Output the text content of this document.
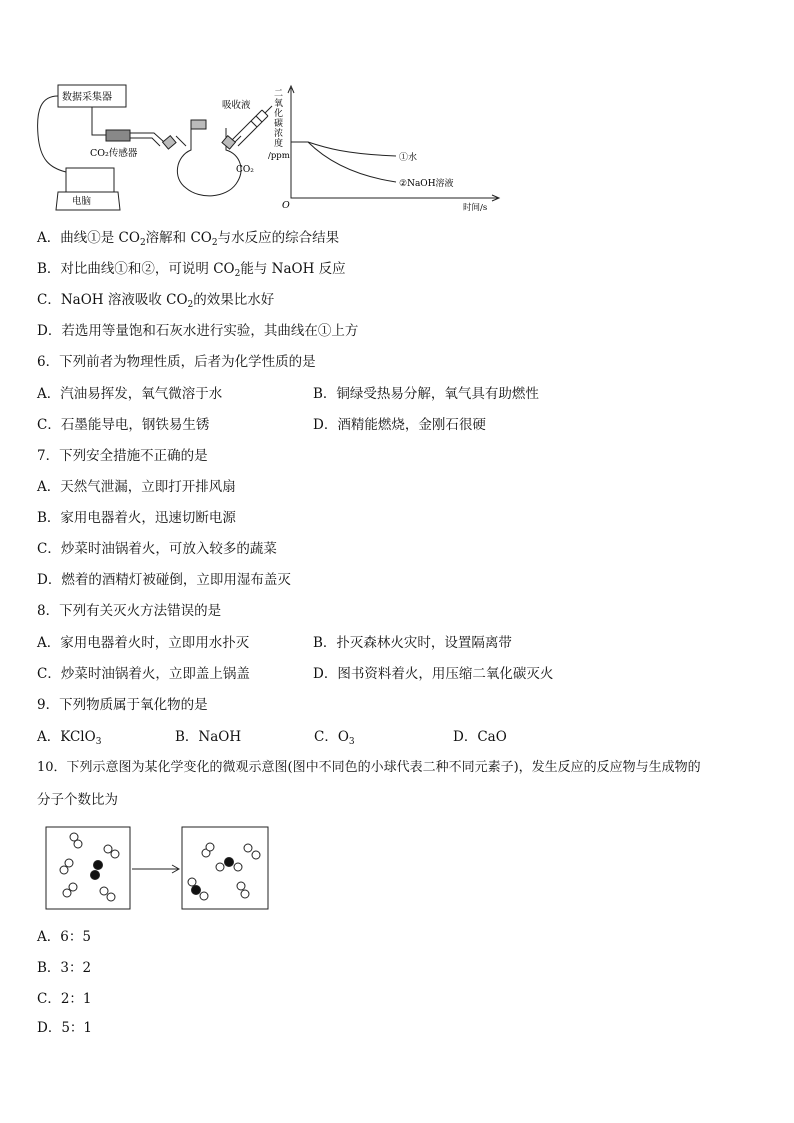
数据采集器
CO₂传感器
电脑
吸收液
CO₂
二
氧
化
碳
浓
度
/ppm
O	时间/s
①水
②NaOH溶液
A．曲线①是 $CO_2$溶解和 $CO_2$与水反应的综合结果
B．对比曲线①和②，可说明 $CO_2$能与 NaOH 反应
C．NaOH 溶液吸收 $CO_2$的效果比水好
D．若选用等量饱和石灰水进行实验，其曲线在①上方
6．下列前者为物理性质，后者为化学性质的是
A．汽油易挥发，氧气微溶于水	B．铜绿受热易分解，氧气具有助燃性
C．石墨能导电，钢铁易生锈	D．酒精能燃烧，金刚石很硬
7．下列安全措施不正确的是
A．天然气泄漏，立即打开排风扇
B．家用电器着火，迅速切断电源
C．炒菜时油锅着火，可放入较多的蔬菜
D．燃着的酒精灯被碰倒，立即用湿布盖灭
8．下列有关灭火方法错误的是
A．家用电器着火时，立即用水扑灭	B．扑灭森林火灾时，设置隔离带
C．炒菜时油锅着火，立即盖上锅盖	D．图书资料着火，用压缩二氧化碳灭火
9．下列物质属于氧化物的是
A．KClO$_3$	B．NaOH	C．$O_3$	D．CaO
10．下列示意图为某化学变化的微观示意图(图中不同色的小球代表二种不同元素子)，发生反应的反应物与生成物的
分子个数比为
A．6：5
B．3：2
C．2：1
D．5：1
